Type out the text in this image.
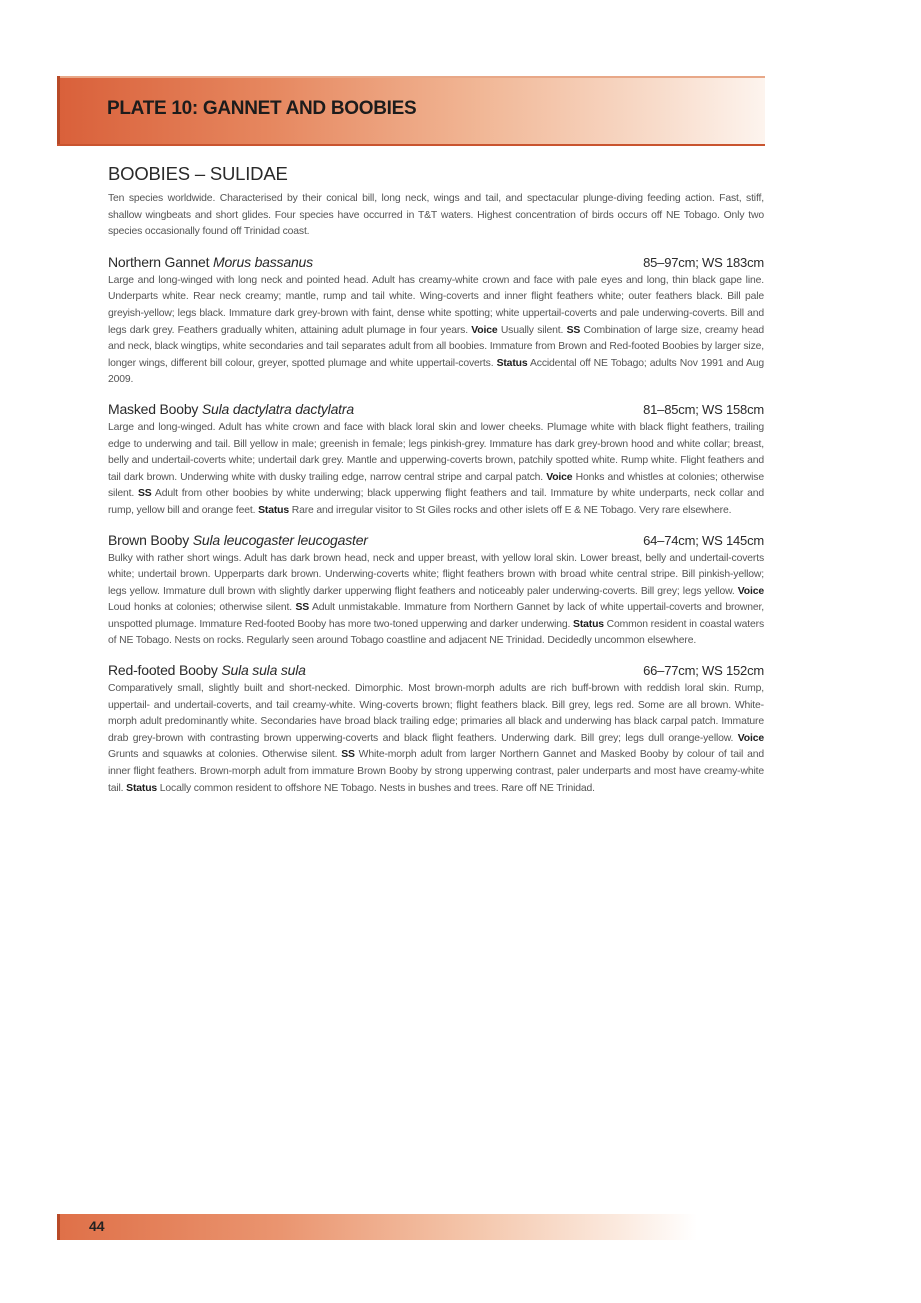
PLATE 10: GANNET AND BOOBIES
BOOBIES – SULIDAE

Ten species worldwide. Characterised by their conical bill, long neck, wings and tail, and spectacular plunge-diving feeding action. Fast, stiff, shallow wingbeats and short glides. Four species have occurred in T&T waters. Highest concentration of birds occurs off NE Tobago. Only two species occasionally found off Trinidad coast.

Northern Gannet Morus bassanus	85–97cm; WS 183cm

Large and long-winged with long neck and pointed head. Adult has creamy-white crown and face with pale eyes and long, thin black gape line. Underparts white. Rear neck creamy; mantle, rump and tail white. Wing-coverts and inner flight feathers white; outer feathers black. Bill pale greyish-yellow; legs black. Immature dark grey-brown with faint, dense white spotting; white uppertail-coverts and pale underwing-coverts. Bill and legs dark grey. Feathers gradually whiten, attaining adult plumage in four years. Voice Usually silent. SS Combination of large size, creamy head and neck, black wingtips, white secondaries and tail separates adult from all boobies. Immature from Brown and Red-footed Boobies by larger size, longer wings, different bill colour, greyer, spotted plumage and white uppertail-coverts. Status Accidental off NE Tobago; adults Nov 1991 and Aug 2009.

Masked Booby Sula dactylatra dactylatra	81–85cm; WS 158cm

Large and long-winged. Adult has white crown and face with black loral skin and lower cheeks. Plumage white with black flight feathers, trailing edge to underwing and tail. Bill yellow in male; greenish in female; legs pinkish-grey. Immature has dark grey-brown hood and white collar; breast, belly and undertail-coverts white; undertail dark grey. Mantle and upperwing-coverts brown, patchily spotted white. Rump white. Flight feathers and tail dark brown. Underwing white with dusky trailing edge, narrow central stripe and carpal patch. Voice Honks and whistles at colonies; otherwise silent. SS Adult from other boobies by white underwing; black upperwing flight feathers and tail. Immature by white underparts, neck collar and rump, yellow bill and orange feet. Status Rare and irregular visitor to St Giles rocks and other islets off E & NE Tobago. Very rare elsewhere.

Brown Booby Sula leucogaster leucogaster	64–74cm; WS 145cm

Bulky with rather short wings. Adult has dark brown head, neck and upper breast, with yellow loral skin. Lower breast, belly and undertail-coverts white; undertail brown. Upperparts dark brown. Underwing-coverts white; flight feathers brown with broad white central stripe. Bill pinkish-yellow; legs yellow. Immature dull brown with slightly darker upperwing flight feathers and noticeably paler underwing-coverts. Bill grey; legs yellow. Voice Loud honks at colonies; otherwise silent. SS Adult unmistakable. Immature from Northern Gannet by lack of white uppertail-coverts and browner, unspotted plumage. Immature Red-footed Booby has more two-toned upperwing and darker underwing. Status Common resident in coastal waters of NE Tobago. Nests on rocks. Regularly seen around Tobago coastline and adjacent NE Trinidad. Decidedly uncommon elsewhere.

Red-footed Booby Sula sula sula	66–77cm; WS 152cm

Comparatively small, slightly built and short-necked. Dimorphic. Most brown-morph adults are rich buff-brown with reddish loral skin. Rump, uppertail- and undertail-coverts, and tail creamy-white. Wing-coverts brown; flight feathers black. Bill grey, legs red. Some are all brown. White-morph adult predominantly white. Secondaries have broad black trailing edge; primaries all black and underwing has black carpal patch. Immature drab grey-brown with contrasting brown upperwing-coverts and black flight feathers. Underwing dark. Bill grey; legs dull orange-yellow. Voice Grunts and squawks at colonies. Otherwise silent. SS White-morph adult from larger Northern Gannet and Masked Booby by colour of tail and inner flight feathers. Brown-morph adult from immature Brown Booby by strong upperwing contrast, paler underparts and most have creamy-white tail. Status Locally common resident to offshore NE Tobago. Nests in bushes and trees. Rare off NE Trinidad.

44
